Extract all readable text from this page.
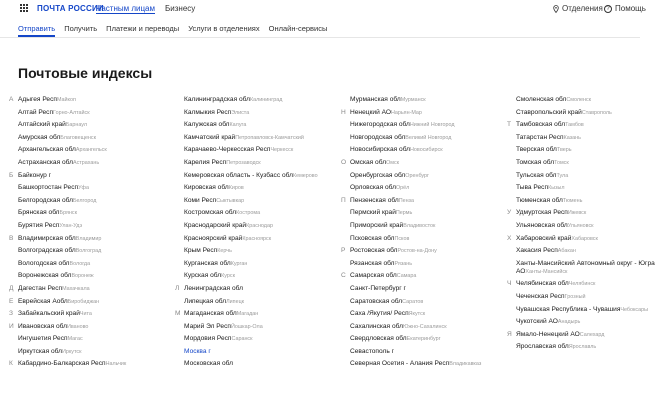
ПОЧТА РОССИИ
Частным лицам Бизнесу	Отделения ? Помощь
Отправить Получить Платежи и переводы Услуги в отделениях Онлайн-сервисы
Почтовые индексы
А Адыгея РеспМайкоп
Алтай РеспГорно-Алтайск
Алтайский крайБарнаул
Амурская облБлаговещенск
Архангельская облАрхангельск
Астраханская облАстрахань
Б Байконур г
Башкортостан РеспУфа
Белгородская облБелгород
Брянская облБрянск
Бурятия РеспУлан-Удэ
В Владимирская облВладимир
Волгоградская облВолгоград
Вологодская облВологда
Воронежская облВоронеж
Д Дагестан РеспМахачкала
Е Еврейская АоблБиробиджан
З Забайкальский крайЧита
И Ивановская облИваново
Ингушетия РеспМагас
Иркутская облИркутск
К Кабардино-Балкарская РеспНальчик
Калининградская облКалининград
Калмыкия РеспЭлиста
Калужская облКалуга
Камчатский крайПетропавловск-Камчатский
Карачаево-Черкесская РеспЧеркесск
Карелия РеспПетрозаводск
Кемеровская область - Кузбасс облКемерово
Кировская облКиров
Коми РеспСыктывкар
Костромская облКострома
Краснодарский крайКраснодар
Красноярский крайКрасноярск
Крым РеспКерчь
Курганская облКурган
Курская облКурск
Л Ленинградская обл
Липецкая облЛипецк
М Магаданская облМагадан
Марий Эл РеспЙошкар-Ола
Мордовия РеспСаранск
Москва г
Московская обл
Мурманская облМурманск
Н Ненецкий АОНарьян-Мар
Нижегородская облНижний Новгород
Новгородская облВеликий Новгород
Новосибирская облНовосибирск
О Омская облОмск
Оренбургская облОренбург
Орловская облОрёл
П Пензенская облПенза
Пермский крайПермь
Приморский крайВладивосток
Псковская облПсков
Р Ростовская облРостов-на-Дону
Рязанская облРязань
С Самарская облСамара
Санкт-Петербург г
Саратовская облСаратов
Саха /Якутия/ РеспЯкутск
Сахалинская облЮжно-Сахалинск
Свердловская облЕкатеринбург
Севастополь г
Северная Осетия - Алания РеспВладикавказ
Смоленская облСмоленск
Ставропольский крайСтаврополь
Т Тамбовская облТамбов
Татарстан РеспКазань
Тверская облТверь
Томская облТомск
Тульская облТула
Тыва РеспКызыл
Тюменская облТюмень
У Удмуртская РеспИжевск
Ульяновская облУльяновск
Х Хабаровский крайХабаровск
Хакасия РеспАбакан
Ханты-Мансийский Автономный округ - Югра АОХанты-Мансийск
Ч Челябинская облЧелябинск
Чеченская РеспГрозный
Чувашская Республика - ЧувашияЧебоксары
Чукотский АОАнадырь
Я Ямало-Ненецкий АОСалехард
Ярославская облЯрославль
